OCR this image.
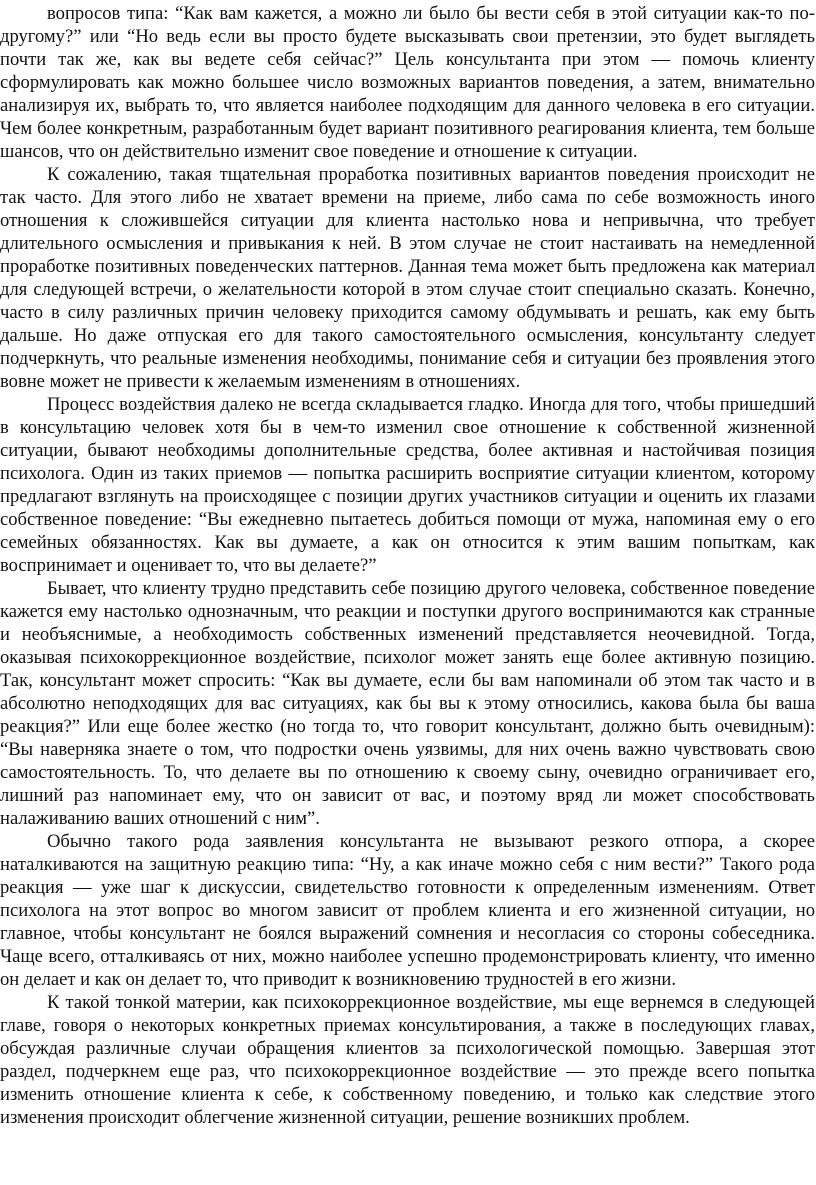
вопросов типа: “Как вам кажется, а можно ли было бы вести себя в этой ситуации как-то по-другому?” или “Но ведь если вы просто будете высказывать свои претензии, это будет выглядеть почти так же, как вы ведете себя сейчас?” Цель консультанта при этом — помочь клиенту сформулировать как можно большее число возможных вариантов поведения, а затем, внимательно анализируя их, выбрать то, что является наиболее подходящим для данного человека в его ситуации. Чем более конкретным, разработанным будет вариант позитивного реагирования клиента, тем больше шансов, что он действительно изменит свое поведение и отношение к ситуации.

К сожалению, такая тщательная проработка позитивных вариантов поведения происходит не так часто. Для этого либо не хватает времени на приеме, либо сама по себе возможность иного отношения к сложившейся ситуации для клиента настолько нова и непривычна, что требует длительного осмысления и привыкания к ней. В этом случае не стоит настаивать на немедленной проработке позитивных поведенческих паттернов. Данная тема может быть предложена как материал для следующей встречи, о желательности которой в этом случае стоит специально сказать. Конечно, часто в силу различных причин человеку приходится самому обдумывать и решать, как ему быть дальше. Но даже отпуская его для такого самостоятельного осмысления, консультанту следует подчеркнуть, что реальные изменения необходимы, понимание себя и ситуации без проявления этого вовне может не привести к желаемым изменениям в отношениях.

Процесс воздействия далеко не всегда складывается гладко. Иногда для того, чтобы пришедший в консультацию человек хотя бы в чем-то изменил свое отношение к собственной жизненной ситуации, бывают необходимы дополнительные средства, более активная и настойчивая позиция психолога. Один из таких приемов — попытка расширить восприятие ситуации клиентом, которому предлагают взглянуть на происходящее с позиции других участников ситуации и оценить их глазами собственное поведение: “Вы ежедневно пытаетесь добиться помощи от мужа, напоминая ему о его семейных обязанностях. Как вы думаете, а как он относится к этим вашим попыткам, как воспринимает и оценивает то, что вы делаете?”

Бывает, что клиенту трудно представить себе позицию другого человека, собственное поведение кажется ему настолько однозначным, что реакции и поступки другого воспринимаются как странные и необъяснимые, а необходимость собственных изменений представляется неочевидной. Тогда, оказывая психокоррекционное воздействие, психолог может занять еще более активную позицию. Так, консультант может спросить: “Как вы думаете, если бы вам напоминали об этом так часто и в абсолютно неподходящих для вас ситуациях, как бы вы к этому относились, какова была бы ваша реакция?” Или еще более жестко (но тогда то, что говорит консультант, должно быть очевидным): “Вы наверняка знаете о том, что подростки очень уязвимы, для них очень важно чувствовать свою самостоятельность. То, что делаете вы по отношению к своему сыну, очевидно ограничивает его, лишний раз напоминает ему, что он зависит от вас, и поэтому вряд ли может способствовать налаживанию ваших отношений с ним”.

Обычно такого рода заявления консультанта не вызывают резкого отпора, а скорее наталкиваются на защитную реакцию типа: “Ну, а как иначе можно себя с ним вести?” Такого рода реакция — уже шаг к дискуссии, свидетельство готовности к определенным изменениям. Ответ психолога на этот вопрос во многом зависит от проблем клиента и его жизненной ситуации, но главное, чтобы консультант не боялся выражений сомнения и несогласия со стороны собеседника. Чаще всего, отталкиваясь от них, можно наиболее успешно продемонстрировать клиенту, что именно он делает и как он делает то, что приводит к возникновению трудностей в его жизни.

К такой тонкой материи, как психокоррекционное воздействие, мы еще вернемся в следующей главе, говоря о некоторых конкретных приемах консультирования, а также в последующих главах, обсуждая различные случаи обращения клиентов за психологической помощью. Завершая этот раздел, подчеркнем еще раз, что психокоррекционное воздействие — это прежде всего попытка изменить отношение клиента к себе, к собственному поведению, и только как следствие этого изменения происходит облегчение жизненной ситуации, решение возникших проблем.
